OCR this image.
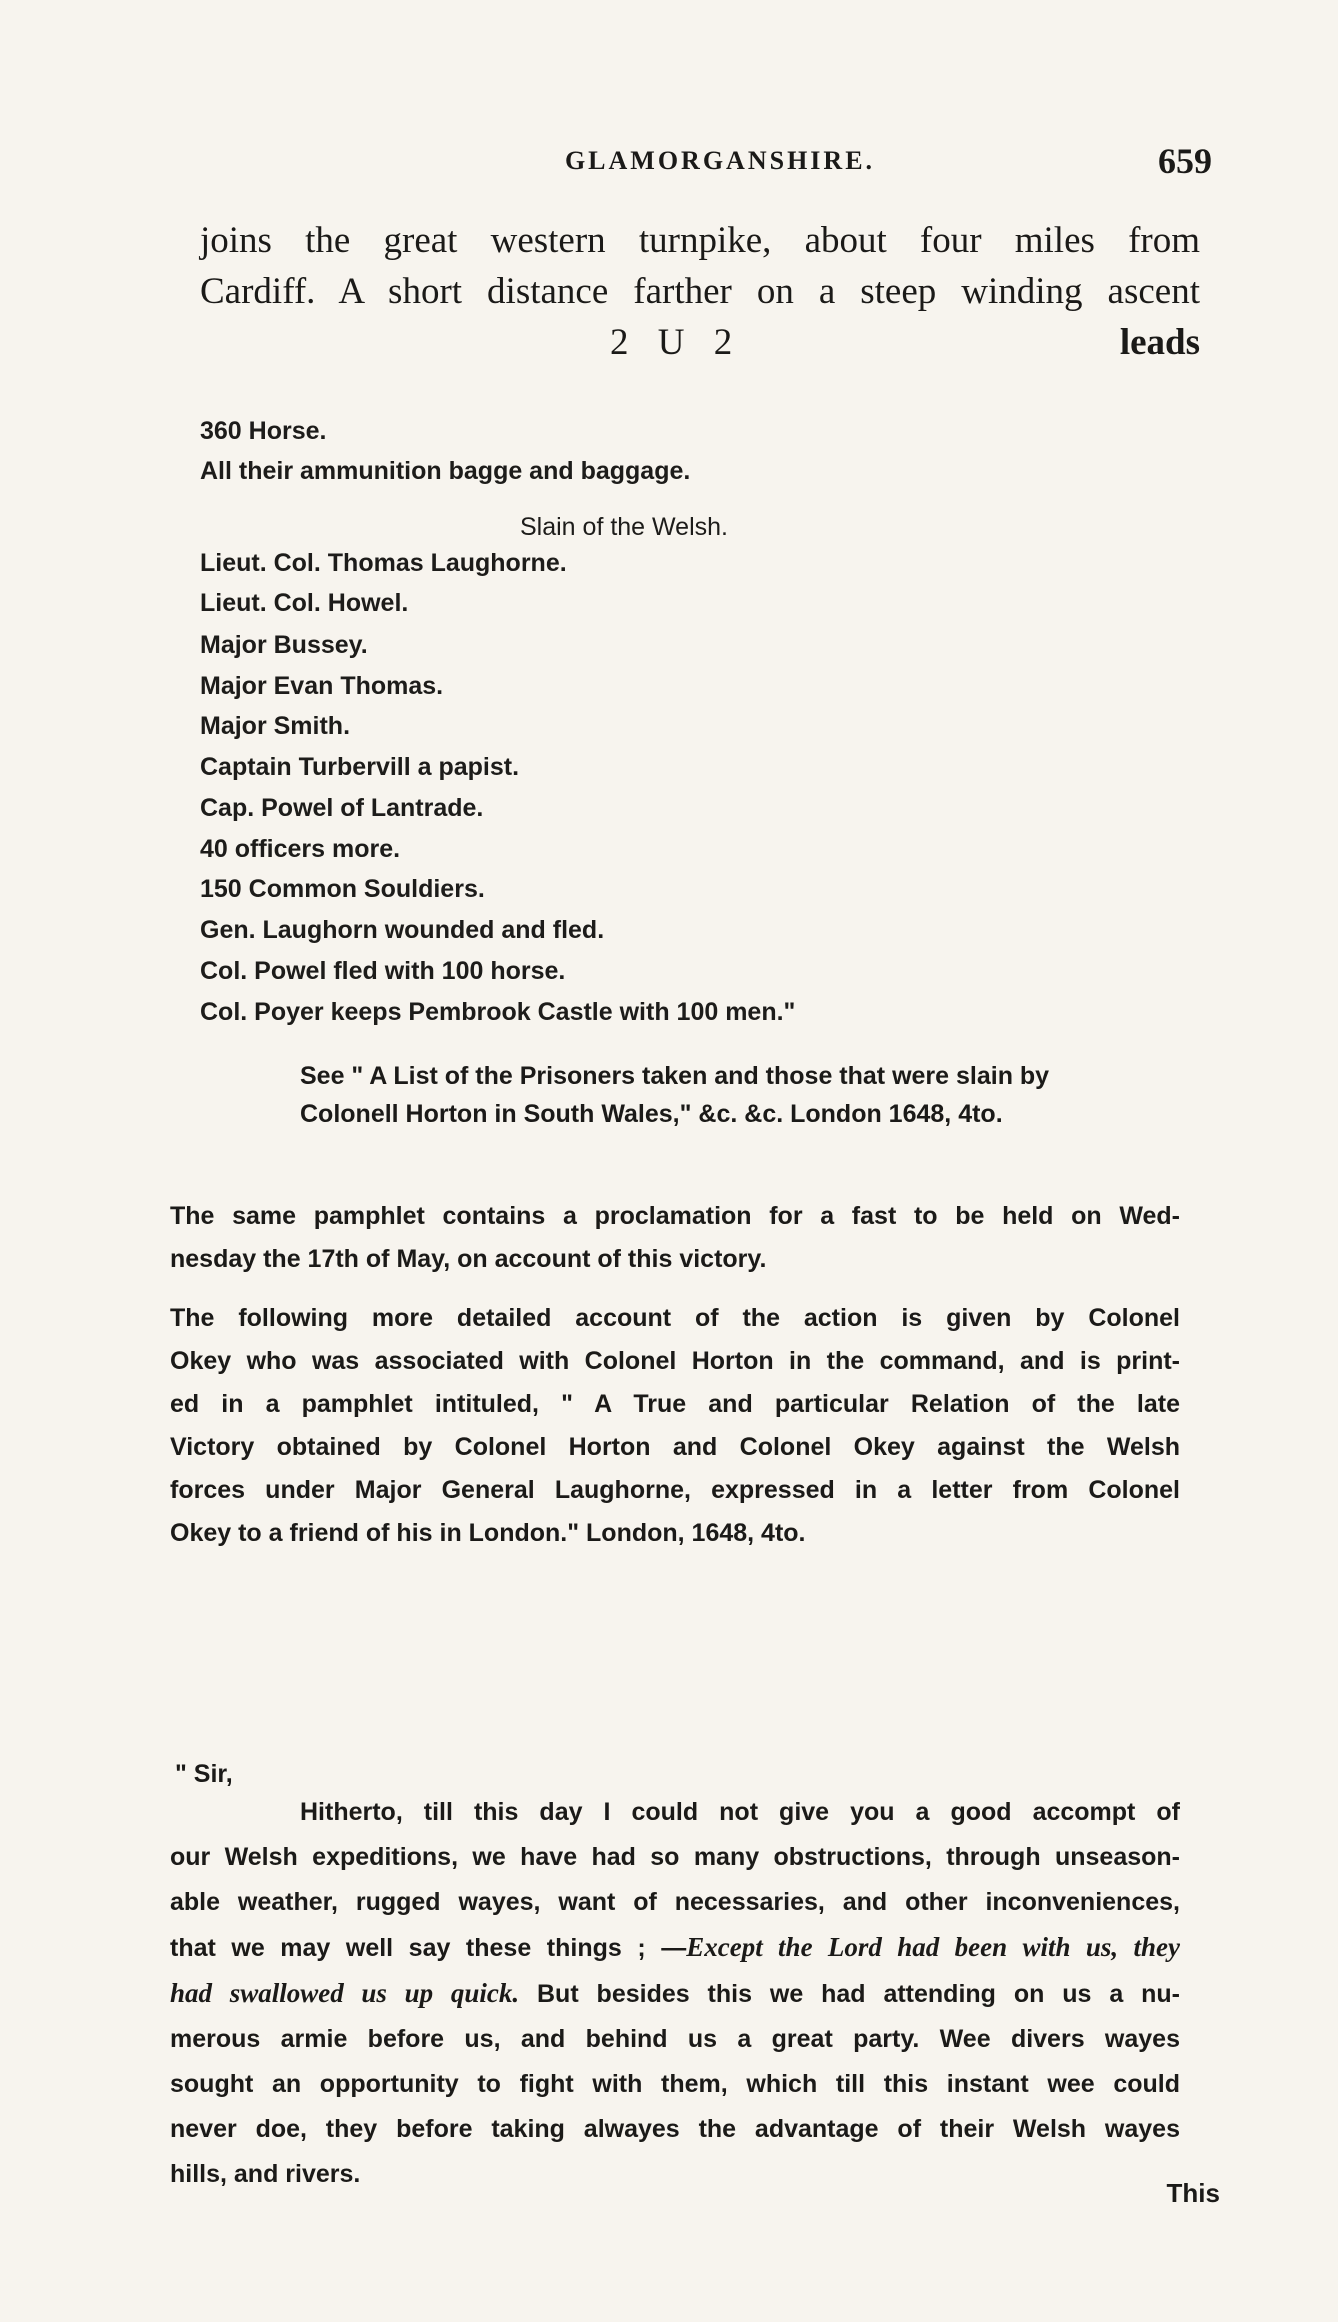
GLAMORGANSHIRE.	659
joins the great western turnpike, about four miles from
Cardiff. A short distance farther on a steep winding ascent
2 U 2	leads
360 Horse.
All their ammunition bagge and baggage.
Slain of the Welsh.
Lieut. Col. Thomas Laughorne.
Lieut. Col. Howel.
Major Bussey.
Major Evan Thomas.
Major Smith.
Captain Turbervill a papist.
Cap. Powel of Lantrade.
40 officers more.
150 Common Souldiers.
Gen. Laughorn wounded and fled.
Col. Powel fled with 100 horse.
Col. Poyer keeps Pembrook Castle with 100 men."
See " A List of the Prisoners taken and those that were slain by
Colonell Horton in South Wales," &c. &c. London 1648, 4to.
The same pamphlet contains a proclamation for a fast to be held on Wed-
nesday the 17th of May, on account of this victory.
The following more detailed account of the action is given by Colonel
Okey who was associated with Colonel Horton in the command, and is print-
ed in a pamphlet intituled, " A True and particular Relation of the late
Victory obtained by Colonel Horton and Colonel Okey against the Welsh
forces under Major General Laughorne, expressed in a letter from Colonel
Okey to a friend of his in London." London, 1648, 4to.
" Sir,
Hitherto, till this day I could not give you a good accompt of
our Welsh expeditions, we have had so many obstructions, through unseason-
able weather, rugged wayes, want of necessaries, and other inconveniences,
that we may well say these things ; —Except the Lord had been with us, they
had swallowed us up quick. But besides this we had attending on us a nu-
merous armie before us, and behind us a great party. Wee divers wayes
sought an opportunity to fight with them, which till this instant wee could
never doe, they before taking alwayes the advantage of their Welsh wayes
hills, and rivers.
This
